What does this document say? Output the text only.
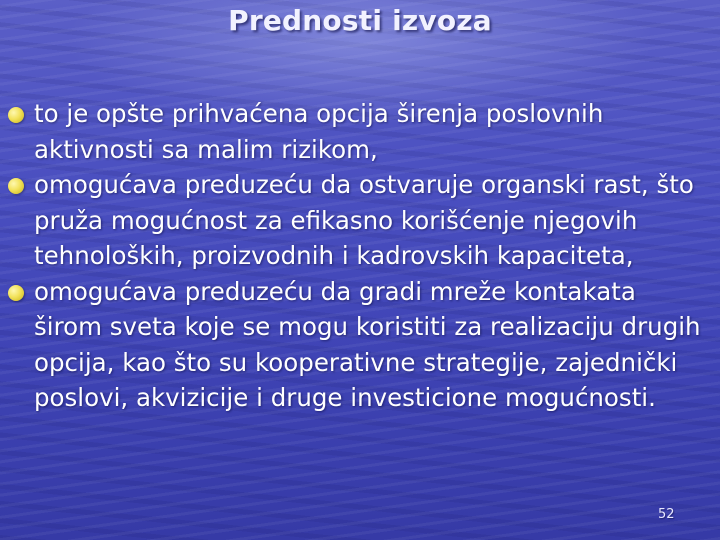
Prednosti izvoza
to je opšte prihvaćena opcija širenja poslovnih aktivnosti sa malim rizikom,
omogućava preduzeću da ostvaruje organski rast, što pruža mogućnost za efikasno korišćenje njegovih tehnoloških, proizvodnih i kadrovskih kapaciteta,
omogućava preduzeću da gradi mreže kontakata širom sveta koje se mogu koristiti za realizaciju drugih opcija, kao što su kooperativne strategije, zajednički poslovi, akvizicije i druge investicione mogućnosti.
52
